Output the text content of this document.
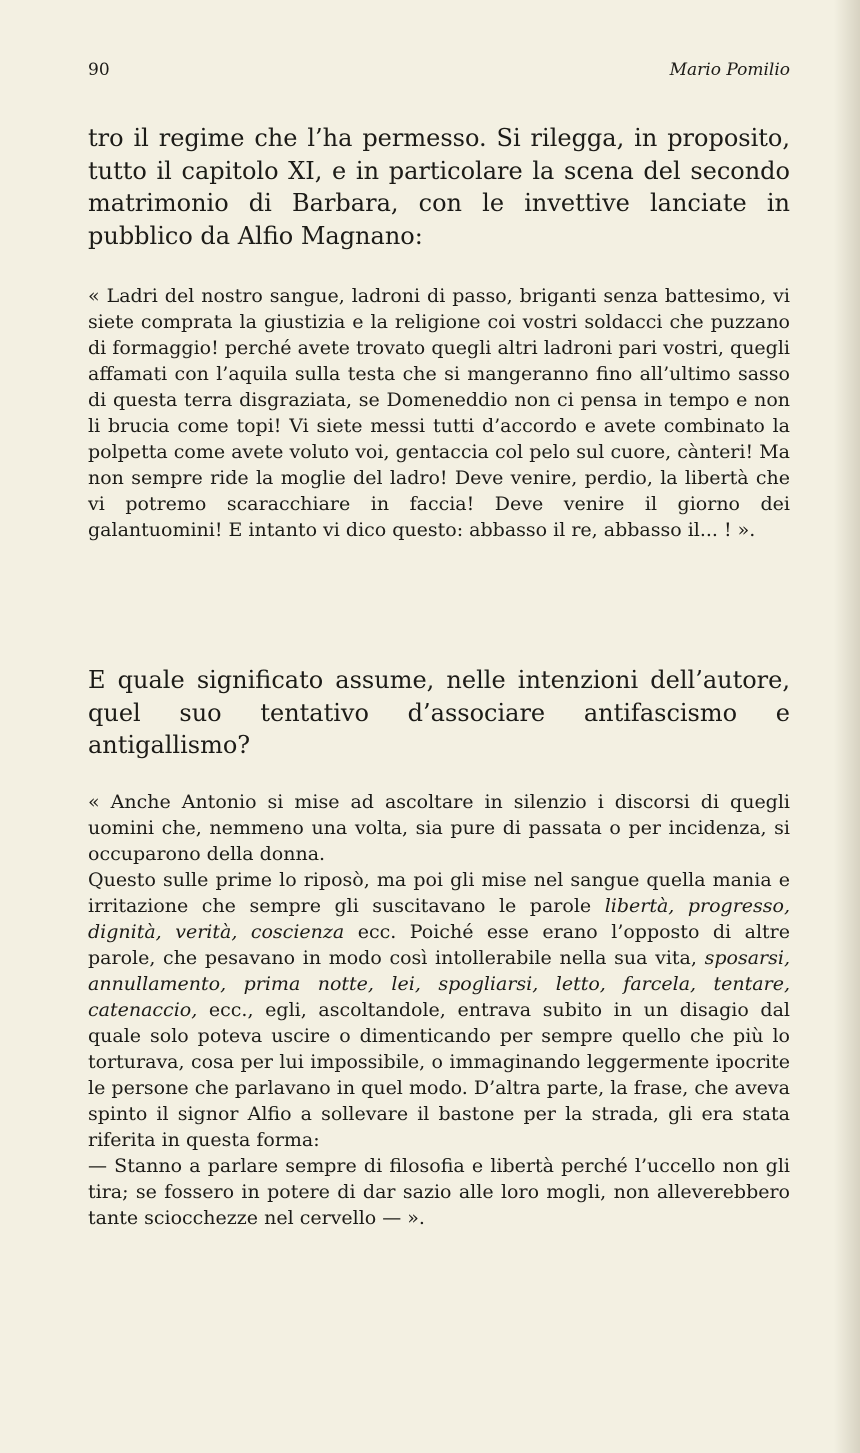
90	Mario Pomilio

tro il regime che l’ha permesso. Si rilegga, in proposito, tutto il capitolo XI, e in particolare la scena del secondo matrimonio di Barbara, con le invettive lanciate in pubblico da Alfio Magnano:

« Ladri del nostro sangue, ladroni di passo, briganti senza battesimo, vi siete comprata la giustizia e la religione coi vostri soldacci che puzzano di formaggio! perché avete trovato quegli altri ladroni pari vostri, quegli affamati con l’aquila sulla testa che si mangeranno fino all’ultimo sasso di questa terra disgraziata, se Domeneddio non ci pensa in tempo e non li brucia come topi! Vi siete messi tutti d’accordo e avete combinato la polpetta come avete voluto voi, gentaccia col pelo sul cuore, cànteri! Ma non sempre ride la moglie del ladro! Deve venire, perdio, la libertà che vi potremo scaracchiare in faccia! Deve venire il giorno dei galantuomini! E intanto vi dico questo: abbasso il re, abbasso il... ! ».

E quale significato assume, nelle intenzioni dell’autore, quel suo tentativo d’associare antifascismo e antigallismo?

« Anche Antonio si mise ad ascoltare in silenzio i discorsi di quegli uomini che, nemmeno una volta, sia pure di passata o per incidenza, si occuparono della donna.
Questo sulle prime lo riposò, ma poi gli mise nel sangue quella mania e irritazione che sempre gli suscitavano le parole libertà, progresso, dignità, verità, coscienza ecc. Poiché esse erano l’opposto di altre parole, che pesavano in modo così intollerabile nella sua vita, sposarsi, annullamento, prima notte, lei, spogliarsi, letto, farcela, tentare, catenaccio, ecc., egli, ascoltandole, entrava subito in un disagio dal quale solo poteva uscire o dimenticando per sempre quello che più lo torturava, cosa per lui impossibile, o immaginando leggermente ipocrite le persone che parlavano in quel modo. D’altra parte, la frase, che aveva spinto il signor Alfio a sollevare il bastone per la strada, gli era stata riferita in questa forma:
— Stanno a parlare sempre di filosofia e libertà perché l’uccello non gli tira; se fossero in potere di dar sazio alle loro mogli, non alleverebbero tante sciocchezze nel cervello — ».
